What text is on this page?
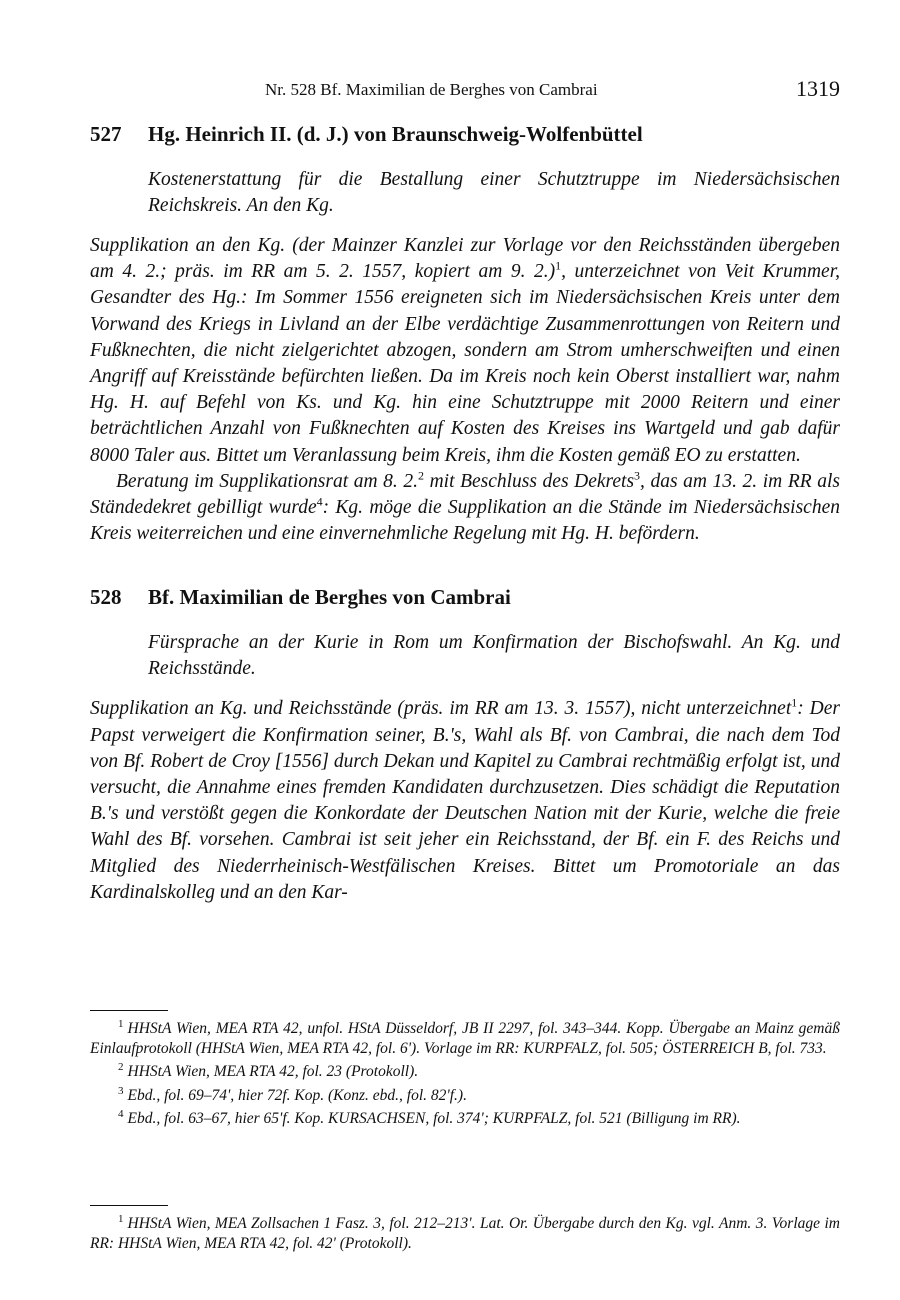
Nr. 528 Bf. Maximilian de Berghes von Cambrai	1319
527 Hg. Heinrich II. (d. J.) von Braunschweig-Wolfenbüttel
Kostenerstattung für die Bestallung einer Schutztruppe im Niedersächsischen Reichskreis. An den Kg.

Supplikation an den Kg. (der Mainzer Kanzlei zur Vorlage vor den Reichsständen übergeben am 4. 2.; präs. im RR am 5. 2. 1557, kopiert am 9. 2.)$^1$, unterzeichnet von Veit Krummer, Gesandter des Hg.: Im Sommer 1556 ereigneten sich im Niedersächsischen Kreis unter dem Vorwand des Kriegs in Livland an der Elbe verdächtige Zusammenrottungen von Reitern und Fußknechten, die nicht zielgerichtet abzogen, sondern am Strom umherschweiften und einen Angriff auf Kreisstände befürchten ließen. Da im Kreis noch kein Oberst installiert war, nahm Hg. H. auf Befehl von Ks. und Kg. hin eine Schutztruppe mit 2000 Reitern und einer beträchtlichen Anzahl von Fußknechten auf Kosten des Kreises ins Wartgeld und gab dafür 8000 Taler aus. Bittet um Veranlassung beim Kreis, ihm die Kosten gemäß EO zu erstatten.

Beratung im Supplikationsrat am 8. 2.$^2$ mit Beschluss des Dekrets$^3$, das am 13. 2. im RR als Ständedekret gebilligt wurde$^4$: Kg. möge die Supplikation an die Stände im Niedersächsischen Kreis weiterreichen und eine einvernehmliche Regelung mit Hg. H. befördern.

528 Bf. Maximilian de Berghes von Cambrai
Fürsprache an der Kurie in Rom um Konfirmation der Bischofswahl. An Kg. und Reichsstände.

Supplikation an Kg. und Reichsstände (präs. im RR am 13. 3. 1557), nicht unterzeichnet$^1$: Der Papst verweigert die Konfirmation seiner, B.'s, Wahl als Bf. von Cambrai, die nach dem Tod von Bf. Robert de Croy [1556] durch Dekan und Kapitel zu Cambrai rechtmäßig erfolgt ist, und versucht, die Annahme eines fremden Kandidaten durchzusetzen. Dies schädigt die Reputation B.'s und verstößt gegen die Konkordate der Deutschen Nation mit der Kurie, welche die freie Wahl des Bf. vorsehen. Cambrai ist seit jeher ein Reichsstand, der Bf. ein F. des Reichs und Mitglied des Niederrheinisch-Westfälischen Kreises. Bittet um Promotoriale an das Kardinalskolleg und an den Kar-

$^1$ HHStA Wien, MEA RTA 42, unfol. HStA Düsseldorf, JB II 2297, fol. 343–344. Kopp. Übergabe an Mainz gemäß Einlaufprotokoll (HHStA Wien, MEA RTA 42, fol. 6'). Vorlage im RR: KURPFALZ, fol. 505; ÖSTERREICH B, fol. 733.
$^2$ HHStA Wien, MEA RTA 42, fol. 23 (Protokoll).
$^3$ Ebd., fol. 69–74', hier 72f. Kop. (Konz. ebd., fol. 82'f.).
$^4$ Ebd., fol. 63–67, hier 65'f. Kop. KURSACHSEN, fol. 374'; KURPFALZ, fol. 521 (Billigung im RR).
$^1$ HHStA Wien, MEA Zollsachen 1 Fasz. 3, fol. 212–213'. Lat. Or. Übergabe durch den Kg. vgl. Anm. 3. Vorlage im RR: HHStA Wien, MEA RTA 42, fol. 42' (Protokoll).
